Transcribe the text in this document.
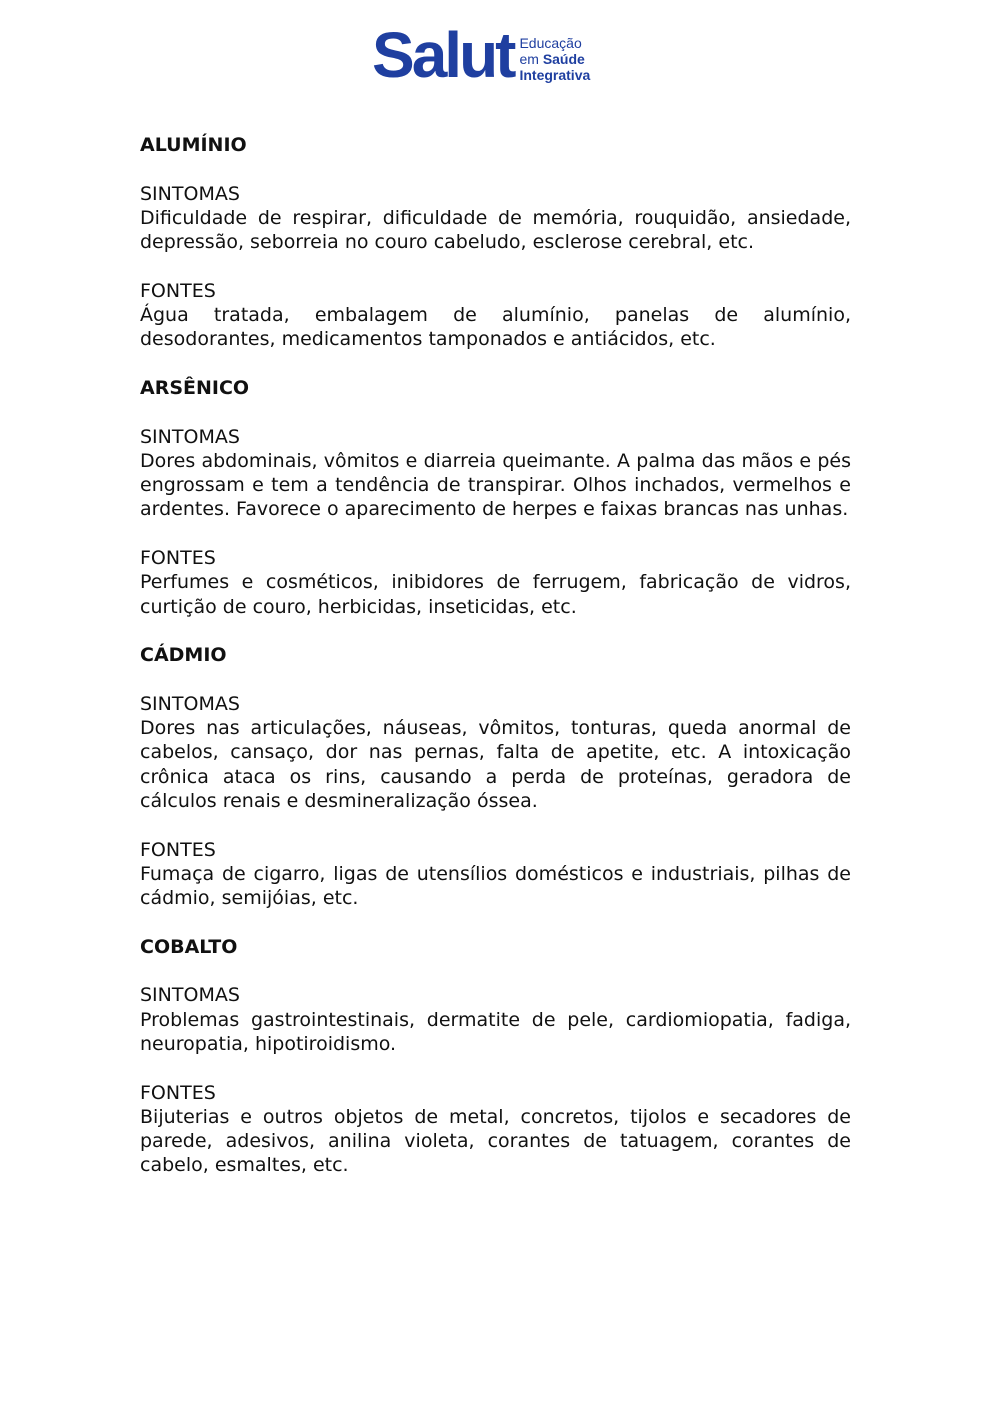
Salut Educação
em Saúde
Integrativa

ALUMÍNIO

SINTOMAS
Dificuldade de respirar, dificuldade de memória, rouquidão, ansiedade, depressão, seborreia no couro cabeludo, esclerose cerebral, etc.

FONTES
Água tratada, embalagem de alumínio, panelas de alumínio, desodorantes, medicamentos tamponados e antiácidos, etc.

ARSÊNICO

SINTOMAS
Dores abdominais, vômitos e diarreia queimante. A palma das mãos e pés engrossam e tem a tendência de transpirar. Olhos inchados, vermelhos e ardentes. Favorece o aparecimento de herpes e faixas brancas nas unhas.

FONTES
Perfumes e cosméticos, inibidores de ferrugem, fabricação de vidros, curtição de couro, herbicidas, inseticidas, etc.

CÁDMIO

SINTOMAS
Dores nas articulações, náuseas, vômitos, tonturas, queda anormal de cabelos, cansaço, dor nas pernas, falta de apetite, etc. A intoxicação crônica ataca os rins, causando a perda de proteínas, geradora de cálculos renais e desmineralização óssea.

FONTES
Fumaça de cigarro, ligas de utensílios domésticos e industriais, pilhas de cádmio, semijóias, etc.

COBALTO

SINTOMAS
Problemas gastrointestinais, dermatite de pele, cardiomiopatia, fadiga, neuropatia, hipotiroidismo.

FONTES
Bijuterias e outros objetos de metal, concretos, tijolos e secadores de parede, adesivos, anilina violeta, corantes de tatuagem, corantes de cabelo, esmaltes, etc.
